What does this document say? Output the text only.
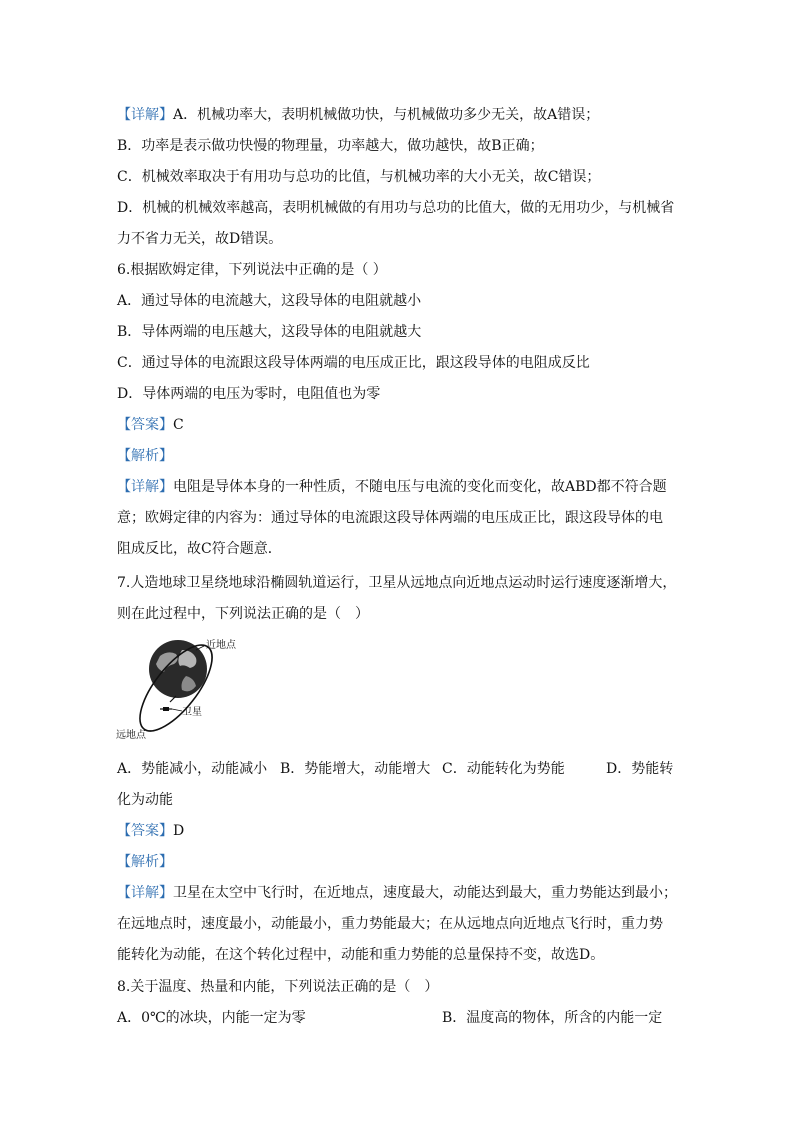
【详解】A．机械功率大，表明机械做功快，与机械做功多少无关，故A错误；
B．功率是表示做功快慢的物理量，功率越大，做功越快，故B正确；
C．机械效率取决于有用功与总功的比值，与机械功率的大小无关，故C错误；
D．机械的机械效率越高，表明机械做的有用功与总功的比值大，做的无用功少，与机械省
力不省力无关，故D错误。
6.根据欧姆定律，下列说法中正确的是（ ）
A．通过导体的电流越大，这段导体的电阻就越小
B．导体两端的电压越大，这段导体的电阻就越大
C．通过导体的电流跟这段导体两端的电压成正比，跟这段导体的电阻成反比
D．导体两端的电压为零时，电阻值也为零
【答案】C
【解析】
【详解】电阻是导体本身的一种性质，不随电压与电流的变化而变化，故ABD都不符合题
意；欧姆定律的内容为：通过导体的电流跟这段导体两端的电压成正比，跟这段导体的电
阻成反比，故C符合题意．
7.人造地球卫星绕地球沿椭圆轨道运行，卫星从远地点向近地点运动时运行速度逐渐增大，
则在此过程中，下列说法正确的是（　）
近地点
卫星
远地点
A．势能减小，动能减小 B．势能增大，动能增大 C．动能转化为势能	D．势能转
化为动能
【答案】D
【解析】
【详解】卫星在太空中飞行时，在近地点，速度最大，动能达到最大，重力势能达到最小；
在远地点时，速度最小，动能最小，重力势能最大；在从远地点向近地点飞行时，重力势
能转化为动能，在这个转化过程中，动能和重力势能的总量保持不变，故选D。
8.关于温度、热量和内能，下列说法正确的是（　）
A．0℃的冰块，内能一定为零	B．温度高的物体，所含的内能一定
